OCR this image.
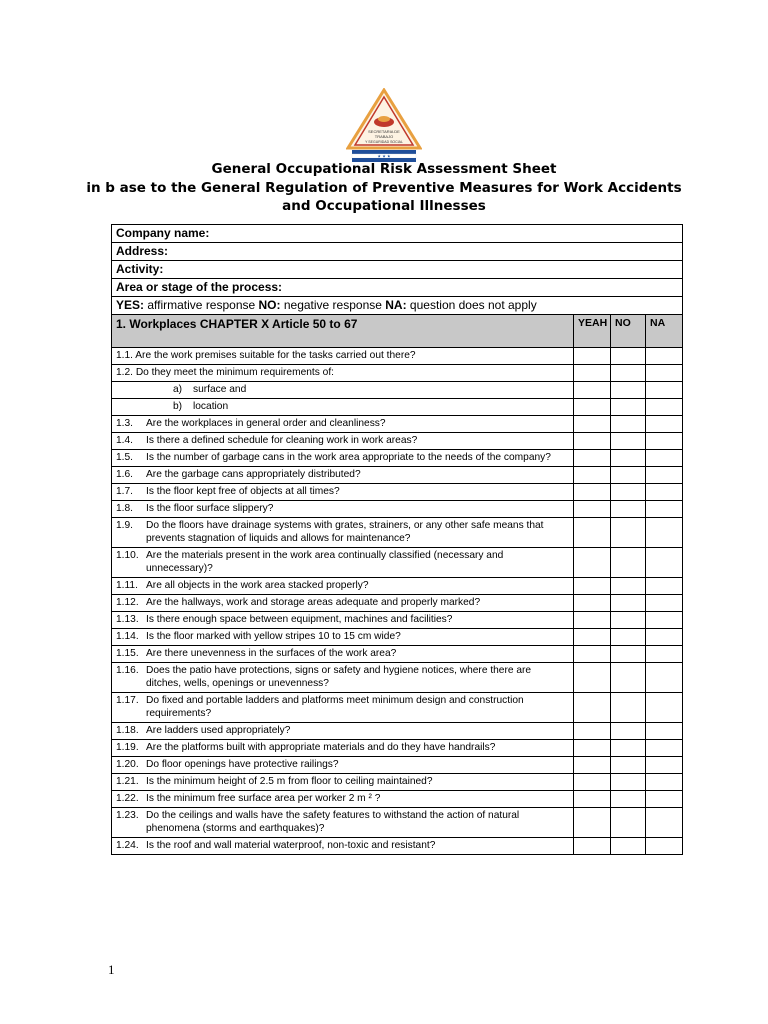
SECRETARIA DE
TRABAJO
Y SEGURIDAD SOCIAL
★ ★ ★
General Occupational Risk Assessment Sheet
in b ase to the General Regulation of Preventive Measures for Work Accidents
and Occupational Illnesses
Company name:			
Address:			
Activity:			
Area or stage of the process:			
YES: affirmative response NO: negative response NA: question does not apply			
1. Workplaces CHAPTER X Article 50 to 67	YEAH	NO	NA
1.1. Are the work premises suitable for the tasks carried out there?			
1.2. Do they meet the minimum requirements of:			

a) surface and			

b) location			

1.3. Are the workplaces in general order and cleanliness?			

1.4. Is there a defined schedule for cleaning work in work areas?			

1.5. Is the number of garbage cans in the work area appropriate to the needs of the company?			

1.6. Are the garbage cans appropriately distributed?			

1.7. Is the floor kept free of objects at all times?			

1.8. Is the floor surface slippery?			

1.9. Do the floors have drainage systems with grates, strainers, or any other safe means that prevents stagnation of liquids and allows for maintenance?			

1.10. Are the materials present in the work area continually classified (necessary and unnecessary)?			

1.11. Are all objects in the work area stacked properly?			

1.12. Are the hallways, work and storage areas adequate and properly marked?			

1.13. Is there enough space between equipment, machines and facilities?			

1.14. Is the floor marked with yellow stripes 10 to 15 cm wide?			

1.15. Are there unevenness in the surfaces of the work area?			

1.16. Does the patio have protections, signs or safety and hygiene notices, where there are ditches, wells, openings or unevenness?			

1.17. Do fixed and portable ladders and platforms meet minimum design and construction requirements?			

1.18. Are ladders used appropriately?			

1.19. Are the platforms built with appropriate materials and do they have handrails?			

1.20. Do floor openings have protective railings?			

1.21. Is the minimum height of 2.5 m from floor to ceiling maintained?			

1.22. Is the minimum free surface area per worker 2 m ² ?			

1.23. Do the ceilings and walls have the safety features to withstand the action of natural phenomena (storms and earthquakes)?			

1.24. Is the roof and wall material waterproof, non-toxic and resistant?			

1
